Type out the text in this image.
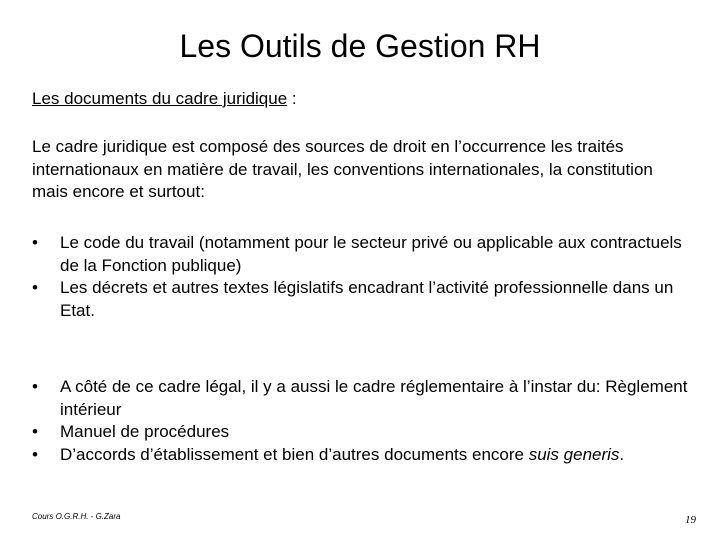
Les Outils de Gestion RH
Les documents du cadre juridique :
Le cadre juridique est composé des sources de droit en l’occurrence les traités internationaux en matière de travail, les conventions internationales, la constitution mais encore et surtout:
•	Le code du travail (notamment pour le secteur privé ou applicable aux contractuels de la Fonction publique)
•	Les décrets et autres textes législatifs encadrant l’activité professionnelle dans un Etat.
•	A côté de ce cadre légal, il y a aussi le cadre réglementaire à l’instar du: Règlement intérieur
•	Manuel de procédures
•	D’accords d’établissement et bien d’autres documents encore suis generis.
Cours O.G.R.H. - G.Zara	19
